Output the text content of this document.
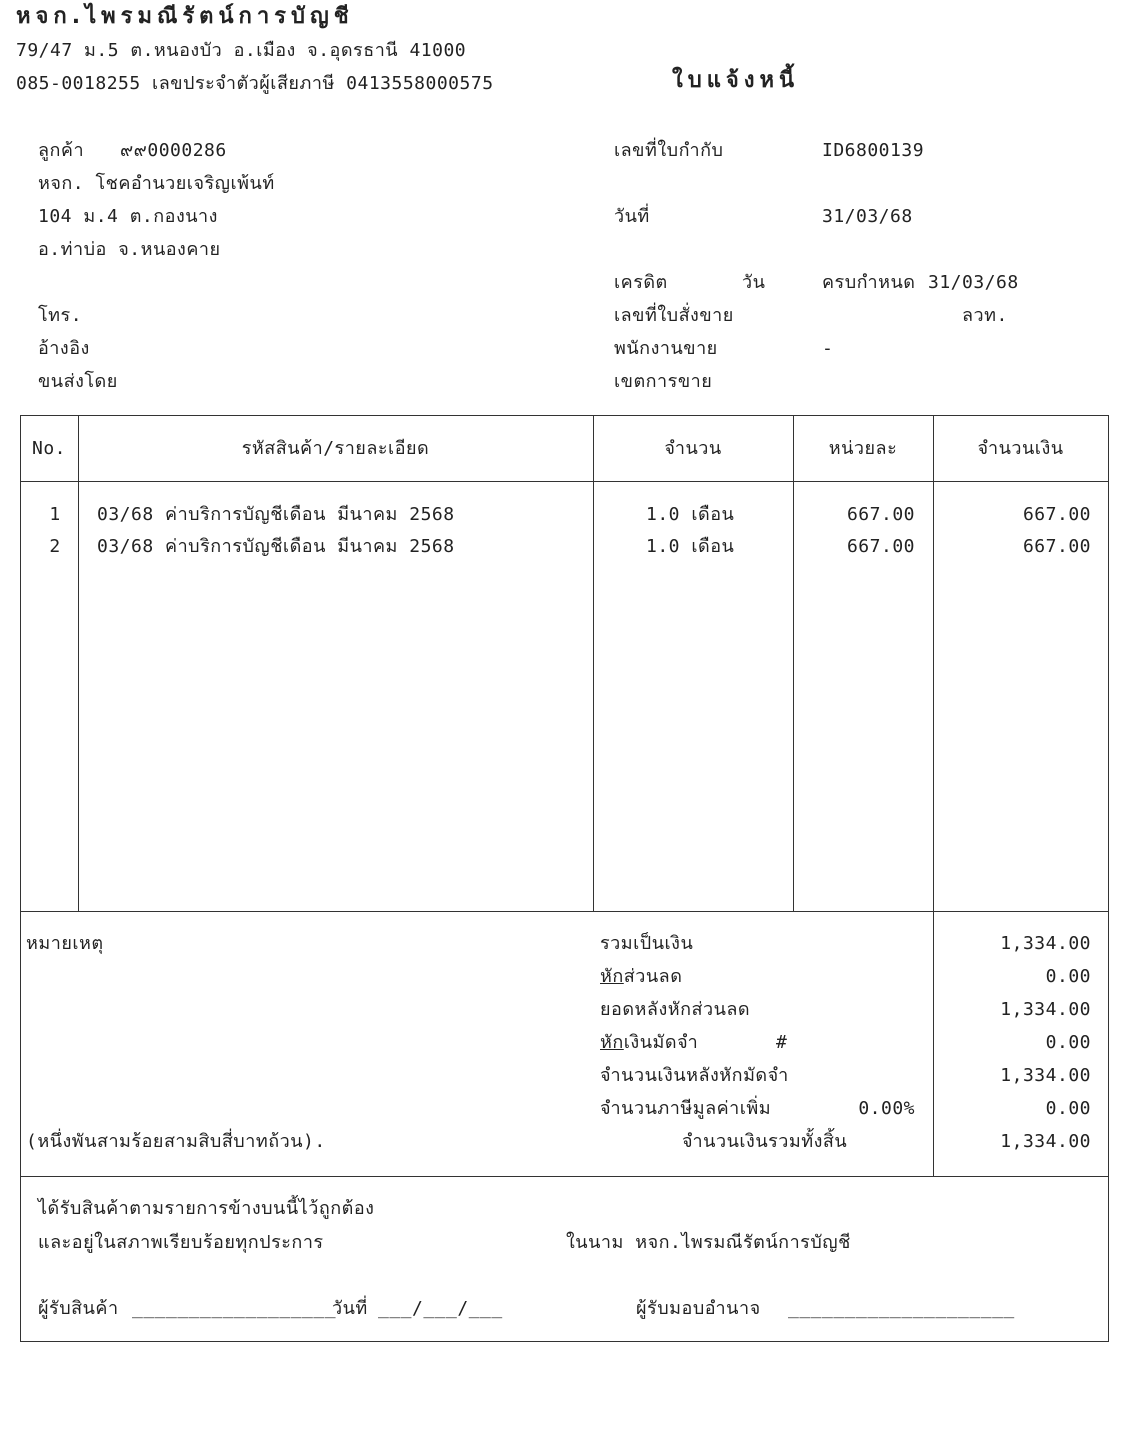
หจก.ไพรมณีรัตน์การบัญชี
79/47 ม.5 ต.หนองบัว อ.เมือง จ.อุดรธานี 41000
085-0018255 เลขประจำตัวผู้เสียภาษี 0413558000575	ใบแจ้งหนี้
ลูกค้า ๙๙0000286
หจก. โชคอำนวยเจริญเพ้นท์
104 ม.4 ต.กองนาง
อ.ท่าบ่อ จ.หนองคาย
โทร.
อ้างอิง
ขนส่งโดย
เลขที่ใบกำกับ	ID6800139
วันที่	31/03/68
เครดิต	วัน	ครบกำหนด 31/03/68
เลขที่ใบสั่งขาย	ลวท.
พนักงานขาย	-
เขตการขาย
No.	รหัสสินค้า/รายละเอียด	จำนวน	หน่วยละ	จำนวนเงิน
1	03/68 ค่าบริการบัญชีเดือน มีนาคม 2568	1.0 เดือน	667.00	667.00
2	03/68 ค่าบริการบัญชีเดือน มีนาคม 2568	1.0 เดือน	667.00	667.00
หมายเหตุ	รวมเป็นเงิน	1,334.00
หักส่วนลด	0.00
ยอดหลังหักส่วนลด	1,334.00
หักเงินมัดจำ	#	0.00
จำนวนเงินหลังหักมัดจำ	1,334.00
จำนวนภาษีมูลค่าเพิ่ม	0.00%	0.00
(หนึ่งพันสามร้อยสามสิบสี่บาทถ้วน).	จำนวนเงินรวมทั้งสิ้น	1,334.00
ได้รับสินค้าตามรายการข้างบนนี้ไว้ถูกต้อง
และอยู่ในสภาพเรียบร้อยทุกประการ	ในนาม หจก.ไพรมณีรัตน์การบัญชี
ผู้รับสินค้า __________________
วันที่ ___/___/___	ผู้รับมอบอำนาจ ____________________
